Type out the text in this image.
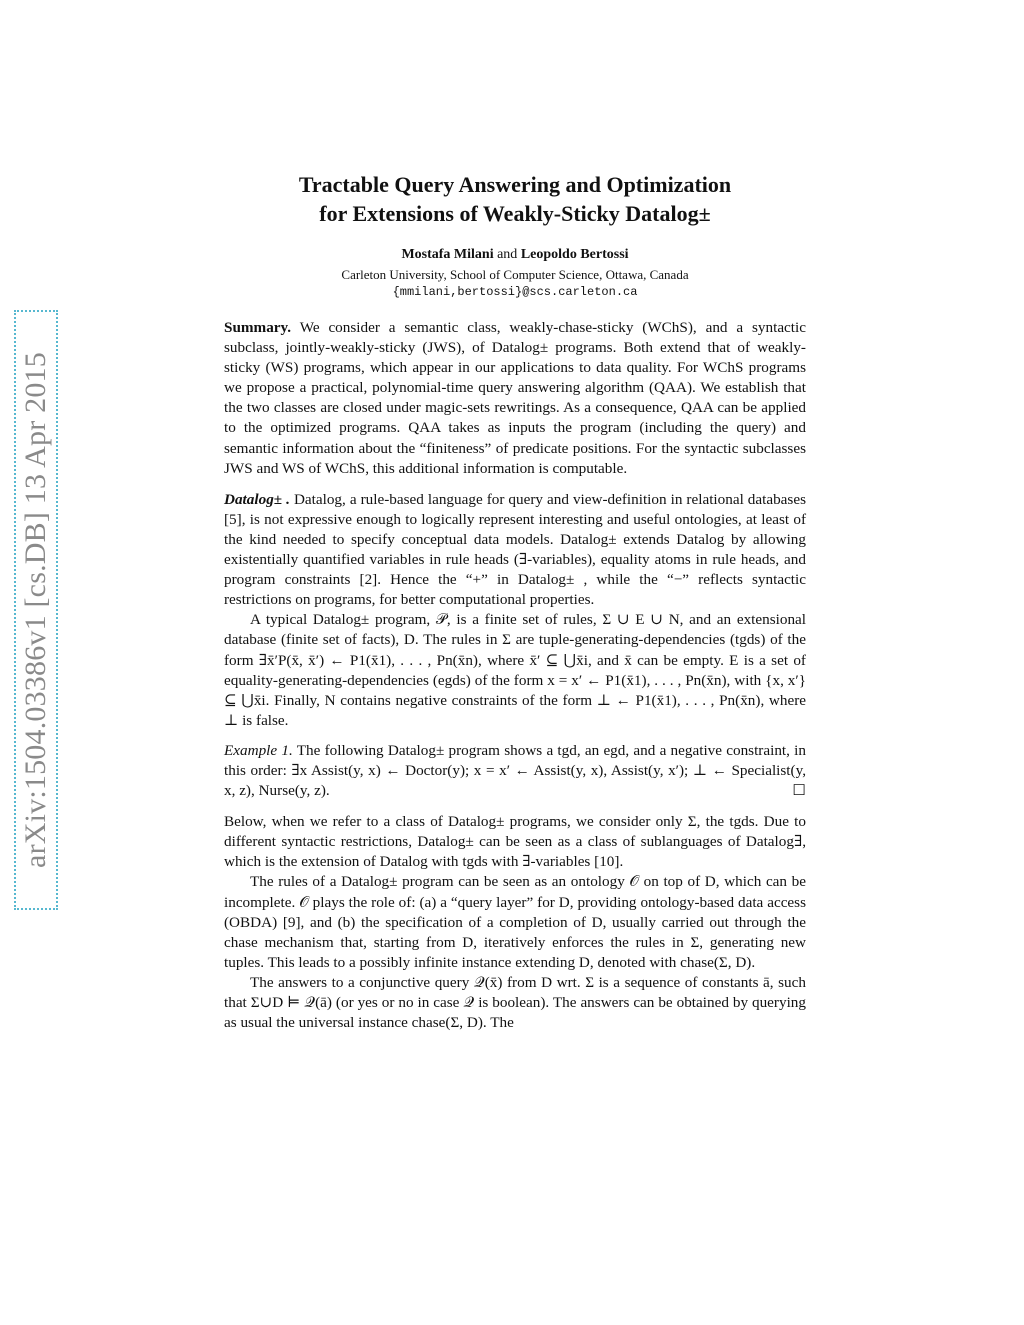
arXiv:1504.03386v1 [cs.DB] 13 Apr 2015
Tractable Query Answering and Optimization
for Extensions of Weakly-Sticky Datalog±
Mostafa Milani and Leopoldo Bertossi
Carleton University, School of Computer Science, Ottawa, Canada
{mmilani,bertossi}@scs.carleton.ca

Summary. We consider a semantic class, weakly-chase-sticky (WChS), and a syntactic subclass, jointly-weakly-sticky (JWS), of Datalog± programs. Both extend that of weakly-sticky (WS) programs, which appear in our applications to data quality. For WChS programs we propose a practical, polynomial-time query answering algorithm (QAA). We establish that the two classes are closed under magic-sets rewritings. As a consequence, QAA can be applied to the optimized programs. QAA takes as inputs the program (including the query) and semantic information about the “finiteness” of predicate positions. For the syntactic subclasses JWS and WS of WChS, this additional information is computable.

Datalog± . Datalog, a rule-based language for query and view-definition in relational databases [5], is not expressive enough to logically represent interesting and useful ontologies, at least of the kind needed to specify conceptual data models. Datalog± extends Datalog by allowing existentially quantified variables in rule heads (∃-variables), equality atoms in rule heads, and program constraints [2]. Hence the “+” in Datalog± , while the “−” reflects syntactic restrictions on programs, for better computational properties.

A typical Datalog± program, 𝒫, is a finite set of rules, Σ ∪ E ∪ N, and an extensional database (finite set of facts), D. The rules in Σ are tuple-generating-dependencies (tgds) of the form ∃x̄′P(x̄, x̄′) ← P1(x̄1), . . . , Pn(x̄n), where x̄′ ⊆ ⋃x̄i, and x̄ can be empty. E is a set of equality-generating-dependencies (egds) of the form x = x′ ← P1(x̄1), . . . , Pn(x̄n), with {x, x′} ⊆ ⋃x̄i. Finally, N contains negative constraints of the form ⊥ ← P1(x̄1), . . . , Pn(x̄n), where ⊥ is false.

Example 1. The following Datalog± program shows a tgd, an egd, and a negative constraint, in this order: ∃x Assist(y, x) ← Doctor(y); x = x′ ← Assist(y, x), Assist(y, x′); ⊥ ← Specialist(y, x, z), Nurse(y, z).	☐

Below, when we refer to a class of Datalog± programs, we consider only Σ, the tgds. Due to different syntactic restrictions, Datalog± can be seen as a class of sublanguages of Datalog∃, which is the extension of Datalog with tgds with ∃-variables [10].

The rules of a Datalog± program can be seen as an ontology 𝒪 on top of D, which can be incomplete. 𝒪 plays the role of: (a) a “query layer” for D, providing ontology-based data access (OBDA) [9], and (b) the specification of a completion of D, usually carried out through the chase mechanism that, starting from D, iteratively enforces the rules in Σ, generating new tuples. This leads to a possibly infinite instance extending D, denoted with chase(Σ, D).

The answers to a conjunctive query 𝒬(x̄) from D wrt. Σ is a sequence of constants ā, such that Σ∪D ⊨ 𝒬(ā) (or yes or no in case 𝒬 is boolean). The answers can be obtained by querying as usual the universal instance chase(Σ, D). The
